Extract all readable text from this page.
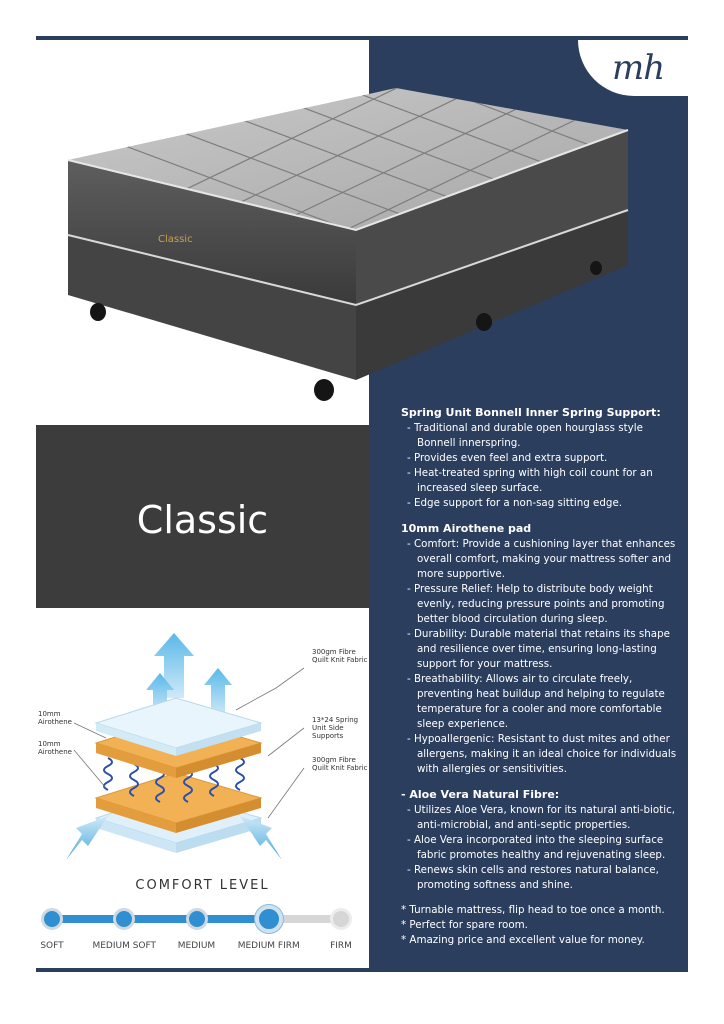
mh
Classic
Classic
Spring Unit Bonnell Inner Spring Support:
- Traditional and durable open hourglass style Bonnell innerspring.
- Provides even feel and extra support.
- Heat-treated spring with high coil count for an increased sleep surface.
- Edge support for a non-sag sitting edge.
10mm Airothene pad
- Comfort: Provide a cushioning layer that enhances overall comfort, making your mattress softer and more supportive.
- Pressure Relief: Help to distribute body weight evenly, reducing pressure points and promoting better blood circulation during sleep.
- Durability: Durable material that retains its shape and resilience over time, ensuring long-lasting support for your mattress.
- Breathability: Allows air to circulate freely, preventing heat buildup and helping to regulate temperature for a cooler and more comfortable sleep experience.
- Hypoallergenic: Resistant to dust mites and other allergens, making it an ideal choice for individuals with allergies or sensitivities.
- Aloe Vera Natural Fibre:
- Utilizes Aloe Vera, known for its natural anti-biotic, anti-microbial, and anti-septic properties.
- Aloe Vera incorporated into the sleeping surface fabric promotes healthy and rejuvenating sleep.
- Renews skin cells and restores natural balance, promoting softness and shine.
* Turnable mattress, flip head to toe once a month.
* Perfect for spare room.
* Amazing price and excellent value for money.
10mm Airothene
10mm Airothene
300gm Fibre Quilt Knit Fabric
13*24 Spring Unit Side Supports
300gm Fibre Quilt Knit Fabric
COMFORT LEVEL
SOFT	MEDIUM SOFT	MEDIUM	MEDIUM FIRM	FIRM
